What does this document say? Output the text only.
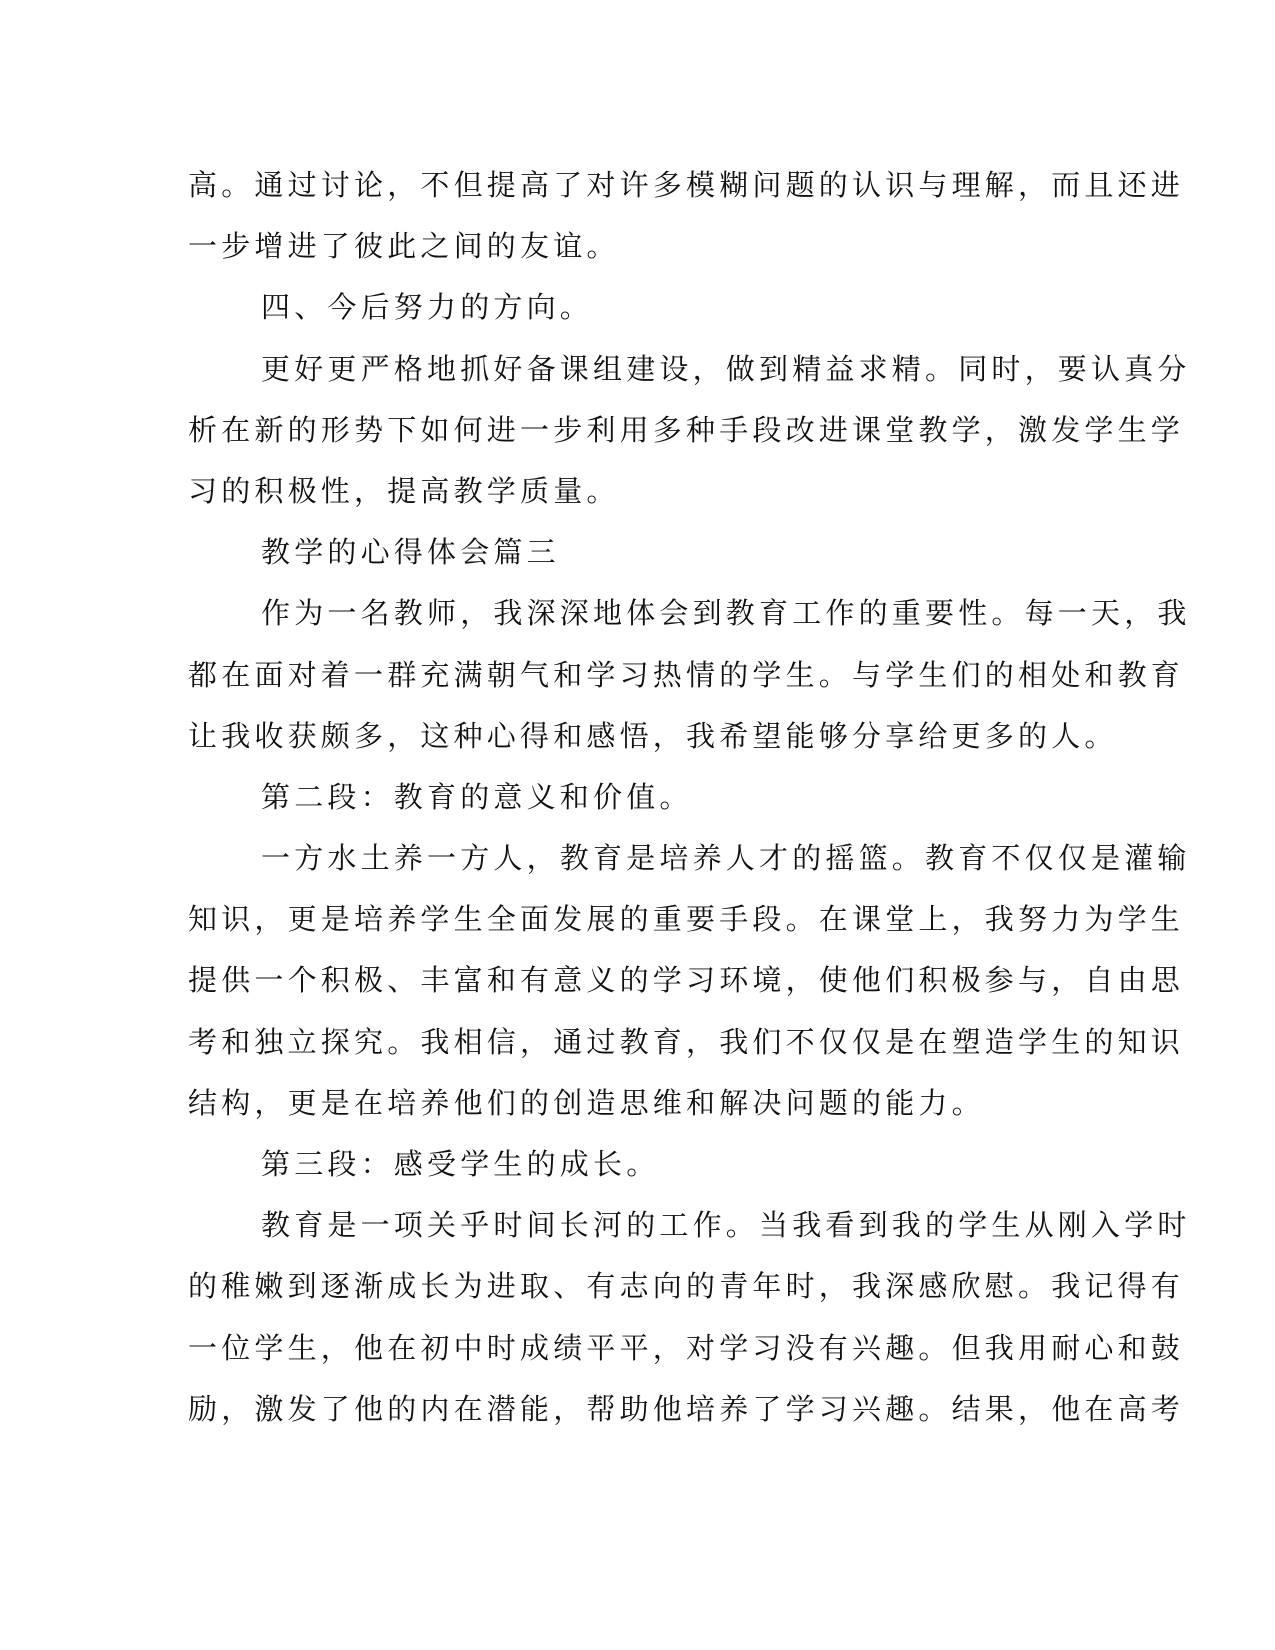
高。通过讨论，不但提高了对许多模糊问题的认识与理解，而且还进
一步增进了彼此之间的友谊。
四、今后努力的方向。
更好更严格地抓好备课组建设，做到精益求精。同时，要认真分
析在新的形势下如何进一步利用多种手段改进课堂教学，激发学生学
习的积极性，提高教学质量。
教学的心得体会篇三
作为一名教师，我深深地体会到教育工作的重要性。每一天，我
都在面对着一群充满朝气和学习热情的学生。与学生们的相处和教育
让我收获颇多，这种心得和感悟，我希望能够分享给更多的人。
第二段：教育的意义和价值。
一方水土养一方人，教育是培养人才的摇篮。教育不仅仅是灌输
知识，更是培养学生全面发展的重要手段。在课堂上，我努力为学生
提供一个积极、丰富和有意义的学习环境，使他们积极参与，自由思
考和独立探究。我相信，通过教育，我们不仅仅是在塑造学生的知识
结构，更是在培养他们的创造思维和解决问题的能力。
第三段：感受学生的成长。
教育是一项关乎时间长河的工作。当我看到我的学生从刚入学时
的稚嫩到逐渐成长为进取、有志向的青年时，我深感欣慰。我记得有
一位学生，他在初中时成绩平平，对学习没有兴趣。但我用耐心和鼓
励，激发了他的内在潜能，帮助他培养了学习兴趣。结果，他在高考
